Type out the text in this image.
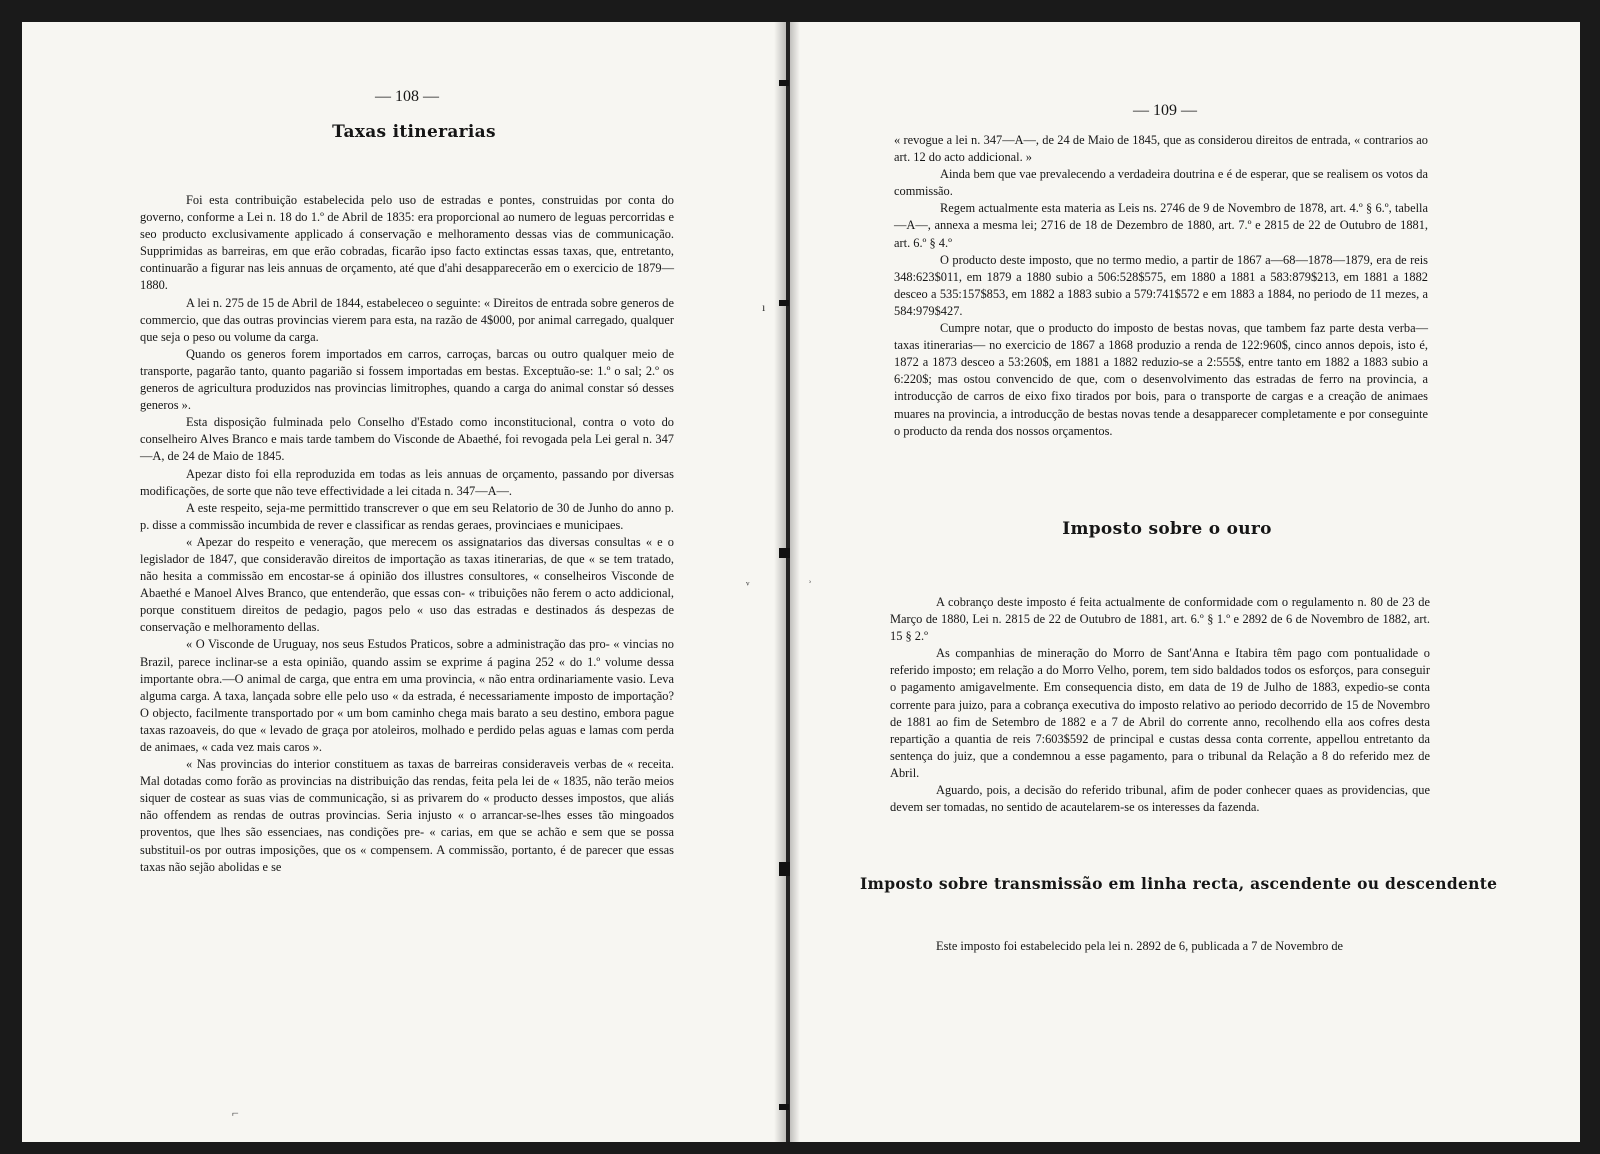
— 108 —
Taxas itinerarias

Foi esta contribuição estabelecida pelo uso de estradas e pontes, construidas por conta do governo, conforme a Lei n. 18 do 1.º de Abril de 1835: era proporcional ao numero de leguas percorridas e seo producto exclusivamente applicado á conservação e melhoramento dessas vias de communicação. Supprimidas as barreiras, em que erão cobradas, ficarão ipso facto extinctas essas taxas, que, entretanto, continuarão a figurar nas leis annuas de orçamento, até que d'ahi desapparecerão em o exercicio de 1879—1880.

A lei n. 275 de 15 de Abril de 1844, estabeleceo o seguinte: « Direitos de entrada sobre generos de commercio, que das outras provincias vierem para esta, na razão de 4$000, por animal carregado, qualquer que seja o peso ou volume da carga.

Quando os generos forem importados em carros, carroças, barcas ou outro qualquer meio de transporte, pagarão tanto, quanto pagarião si fossem importadas em bestas. Exceptuão-se: 1.º o sal; 2.º os generos de agricultura produzidos nas provincias limitrophes, quando a carga do animal constar só desses generos ».

Esta disposição fulminada pelo Conselho d'Estado como inconstitucional, contra o voto do conselheiro Alves Branco e mais tarde tambem do Visconde de Abaethé, foi revogada pela Lei geral n. 347—A, de 24 de Maio de 1845.

Apezar disto foi ella reproduzida em todas as leis annuas de orçamento, passando por diversas modificações, de sorte que não teve effectividade a lei citada n. 347—A—.

A este respeito, seja-me permittido transcrever o que em seu Relatorio de 30 de Junho do anno p. p. disse a commissão incumbida de rever e classificar as rendas geraes, provinciaes e municipaes.

« Apezar do respeito e veneração, que merecem os assignatarios das diversas consultas « e o legislador de 1847, que consideravão direitos de importação as taxas itinerarias, de que « se tem tratado, não hesita a commissão em encostar-se á opinião dos illustres consultores, « conselheiros Visconde de Abaethé e Manoel Alves Branco, que entenderão, que essas con- « tribuições não ferem o acto addicional, porque constituem direitos de pedagio, pagos pelo « uso das estradas e destinados ás despezas de conservação e melhoramento dellas.

« O Visconde de Uruguay, nos seus Estudos Praticos, sobre a administração das pro- « vincias no Brazil, parece inclinar-se a esta opinião, quando assim se exprime á pagina 252 « do 1.º volume dessa importante obra.—O animal de carga, que entra em uma provincia, « não entra ordinariamente vasio. Leva alguma carga. A taxa, lançada sobre elle pelo uso « da estrada, é necessariamente imposto de importação? O objecto, facilmente transportado por « um bom caminho chega mais barato a seu destino, embora pague taxas razoaveis, do que « levado de graça por atoleiros, molhado e perdido pelas aguas e lamas com perda de animaes, « cada vez mais caros ».

« Nas provincias do interior constituem as taxas de barreiras consideraveis verbas de « receita. Mal dotadas como forão as provincias na distribuição das rendas, feita pela lei de « 1835, não terão meios siquer de costear as suas vias de communicação, si as privarem do « producto desses impostos, que aliás não offendem as rendas de outras provincias. Seria injusto « o arrancar-se-lhes esses tão mingoados proventos, que lhes são essenciaes, nas condições pre- « carias, em que se achão e sem que se possa substituil-os por outras imposições, que os « compensem. A commissão, portanto, é de parecer que essas taxas não sejão abolidas e se

⌐
— 109 —

« revogue a lei n. 347—A—, de 24 de Maio de 1845, que as considerou direitos de entrada, « contrarios ao art. 12 do acto addicional. »

Ainda bem que vae prevalecendo a verdadeira doutrina e é de esperar, que se realisem os votos da commissão.

Regem actualmente esta materia as Leis ns. 2746 de 9 de Novembro de 1878, art. 4.º § 6.º, tabella—A—, annexa a mesma lei; 2716 de 18 de Dezembro de 1880, art. 7.º e 2815 de 22 de Outubro de 1881, art. 6.º § 4.º

O producto deste imposto, que no termo medio, a partir de 1867 a—68—1878—1879, era de reis 348:623$011, em 1879 a 1880 subio a 506:528$575, em 1880 a 1881 a 583:879$213, em 1881 a 1882 desceo a 535:157$853, em 1882 a 1883 subio a 579:741$572 e em 1883 a 1884, no periodo de 11 mezes, a 584:979$427.

Cumpre notar, que o producto do imposto de bestas novas, que tambem faz parte desta verba—taxas itinerarias— no exercicio de 1867 a 1868 produzio a renda de 122:960$, cinco annos depois, isto é, 1872 a 1873 desceo a 53:260$, em 1881 a 1882 reduzio-se a 2:555$, entre tanto em 1882 a 1883 subio a 6:220$; mas ostou convencido de que, com o desenvolvimento das estradas de ferro na provincia, a introducção de carros de eixo fixo tirados por bois, para o transporte de cargas e a creação de animaes muares na provincia, a introducção de bestas novas tende a desapparecer completamente e por conseguinte o producto da renda dos nossos orçamentos.

Imposto sobre o ouro

A cobranço deste imposto é feita actualmente de conformidade com o regulamento n. 80 de 23 de Março de 1880, Lei n. 2815 de 22 de Outubro de 1881, art. 6.º § 1.º e 2892 de 6 de Novembro de 1882, art. 15 § 2.º

As companhias de mineração do Morro de Sant'Anna e Itabira têm pago com pontualidade o referido imposto; em relação a do Morro Velho, porem, tem sido baldados todos os esforços, para conseguir o pagamento amigavelmente. Em consequencia disto, em data de 19 de Julho de 1883, expedio-se conta corrente para juizo, para a cobrança executiva do imposto relativo ao periodo decorrido de 15 de Novembro de 1881 ao fim de Setembro de 1882 e a 7 de Abril do corrente anno, recolhendo ella aos cofres desta repartição a quantia de reis 7:603$592 de principal e custas dessa conta corrente, appellou entretanto da sentença do juiz, que a condemnou a esse pagamento, para o tribunal da Relação a 8 do referido mez de Abril.

Aguardo, pois, a decisão do referido tribunal, afim de poder conhecer quaes as providencias, que devem ser tomadas, no sentido de acautelarem-se os interesses da fazenda.

Imposto sobre transmissão em linha recta, ascendente ou descendente

Este imposto foi estabelecido pela lei n. 2892 de 6, publicada a 7 de Novembro de

ı
ᵛ	ʾ
